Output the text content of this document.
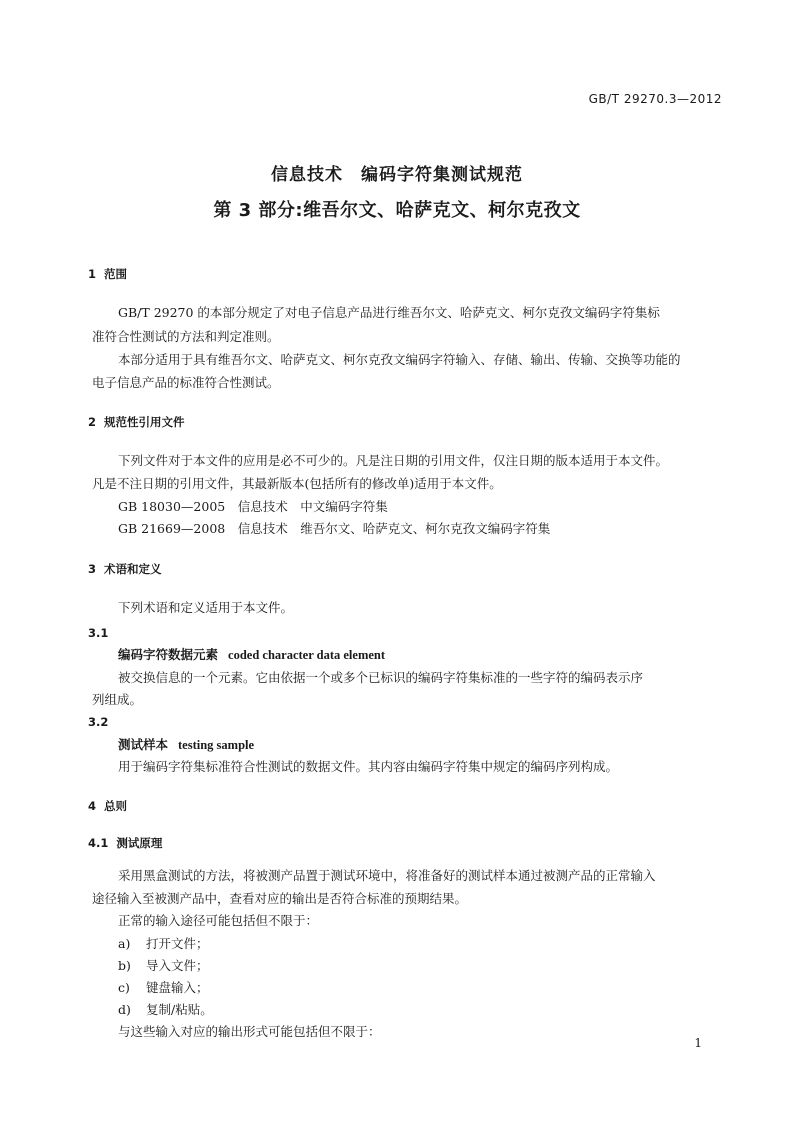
GB/T 29270.3—2012
信息技术　编码字符集测试规范
第 3 部分:维吾尔文、哈萨克文、柯尔克孜文
1 范围
GB/T 29270 的本部分规定了对电子信息产品进行维吾尔文、哈萨克文、柯尔克孜文编码字符集标
准符合性测试的方法和判定准则。
本部分适用于具有维吾尔文、哈萨克文、柯尔克孜文编码字符输入、存储、输出、传输、交换等功能的
电子信息产品的标准符合性测试。
2 规范性引用文件
下列文件对于本文件的应用是必不可少的。凡是注日期的引用文件，仅注日期的版本适用于本文件。
凡是不注日期的引用文件，其最新版本(包括所有的修改单)适用于本文件。
GB 18030—2005　信息技术　中文编码字符集
GB 21669—2008　信息技术　维吾尔文、哈萨克文、柯尔克孜文编码字符集
3 术语和定义
下列术语和定义适用于本文件。
3.1
编码字符数据元素 coded character data element
被交换信息的一个元素。它由依据一个或多个已标识的编码字符集标准的一些字符的编码表示序
列组成。
3.2
测试样本 testing sample
用于编码字符集标准符合性测试的数据文件。其内容由编码字符集中规定的编码序列构成。
4 总则
4.1 测试原理
采用黑盒测试的方法，将被测产品置于测试环境中，将准备好的测试样本通过被测产品的正常输入
途径输入至被测产品中，查看对应的输出是否符合标准的预期结果。
正常的输入途径可能包括但不限于：
a) 打开文件；
b) 导入文件；
c) 键盘输入；
d) 复制/粘贴。
与这些输入对应的输出形式可能包括但不限于：
1
